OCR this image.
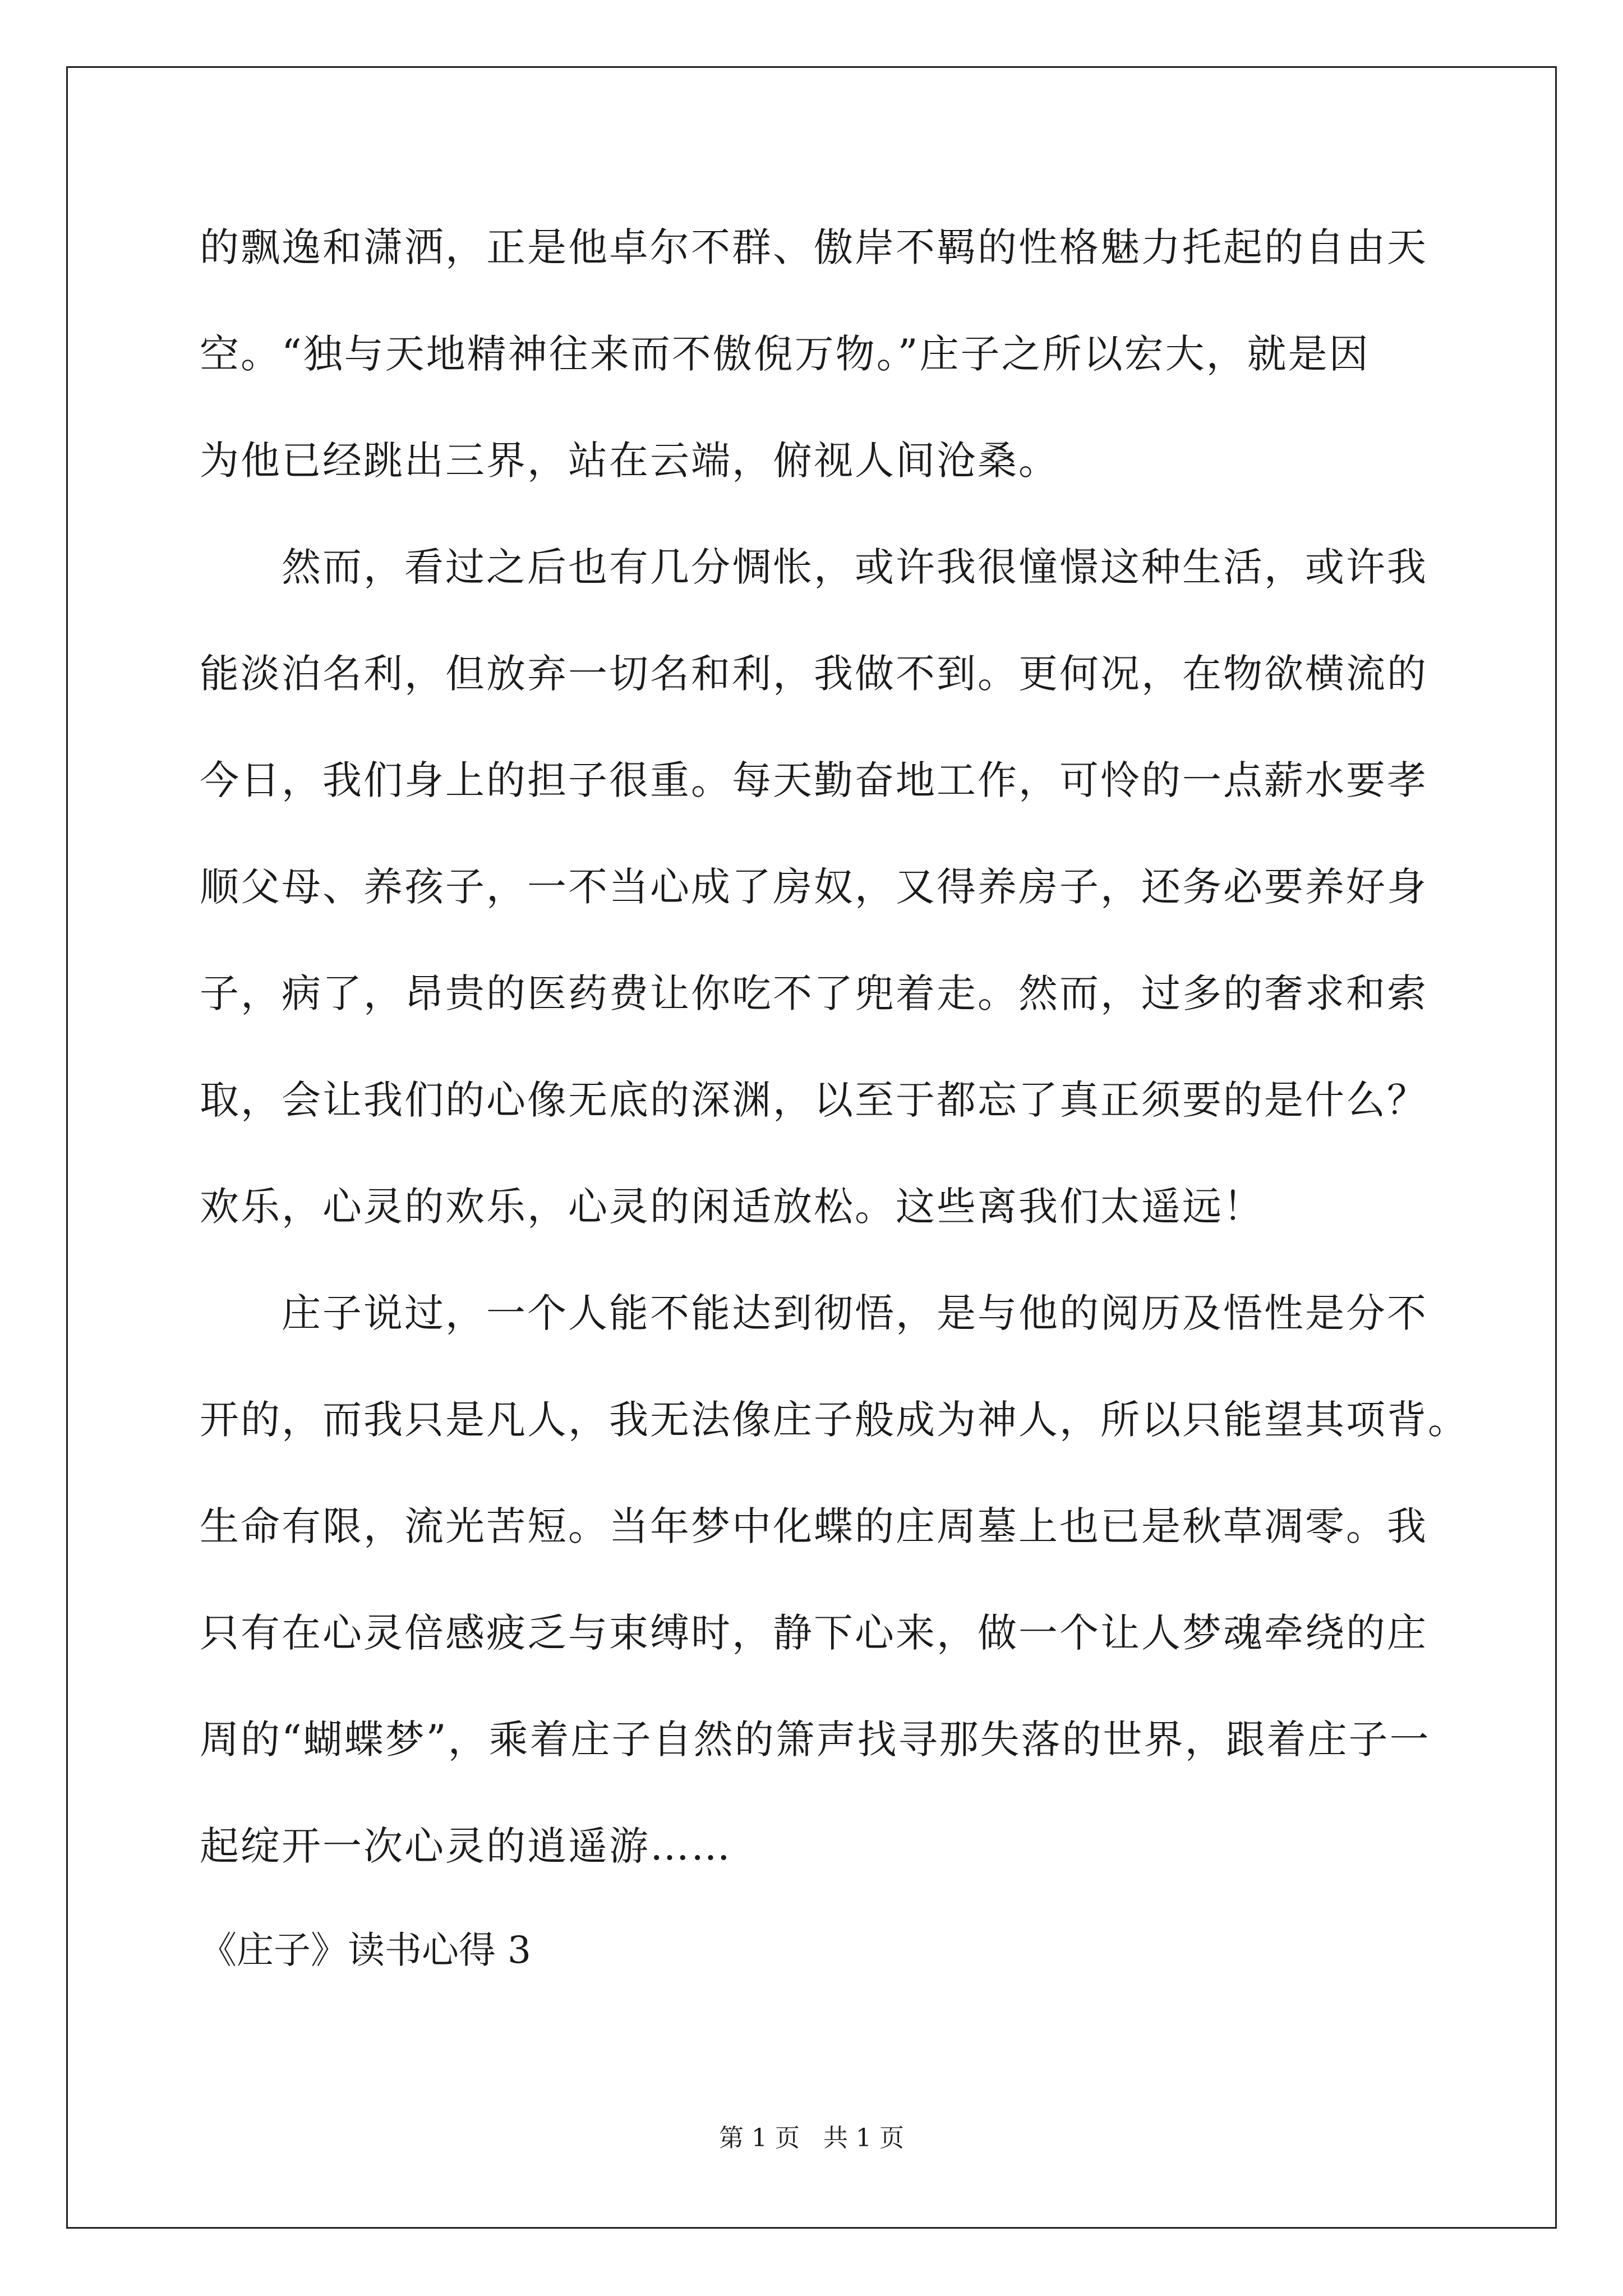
的飘逸和潇洒，正是他卓尔不群、傲岸不羁的性格魅力托起的自由天

空。“独与天地精神往来而不傲倪万物。”庄子之所以宏大，就是因

为他已经跳出三界，站在云端，俯视人间沧桑。

　　然而，看过之后也有几分惆怅，或许我很憧憬这种生活，或许我

能淡泊名利，但放弃一切名和利，我做不到。更何况，在物欲横流的

今日，我们身上的担子很重。每天勤奋地工作，可怜的一点薪水要孝

顺父母、养孩子，一不当心成了房奴，又得养房子，还务必要养好身

子，病了，昂贵的医药费让你吃不了兜着走。然而，过多的奢求和索

取，会让我们的心像无底的深渊，以至于都忘了真正须要的是什么？

欢乐，心灵的欢乐，心灵的闲适放松。这些离我们太遥远！

　　庄子说过，一个人能不能达到彻悟，是与他的阅历及悟性是分不

开的，而我只是凡人，我无法像庄子般成为神人，所以只能望其项背。

生命有限，流光苦短。当年梦中化蝶的庄周墓上也已是秋草凋零。我

只有在心灵倍感疲乏与束缚时，静下心来，做一个让人梦魂牵绕的庄

周的“蝴蝶梦”，乘着庄子自然的箫声找寻那失落的世界，跟着庄子一

起绽开一次心灵的逍遥游……

《庄子》读书心得 3

第 1 页   共 1 页
